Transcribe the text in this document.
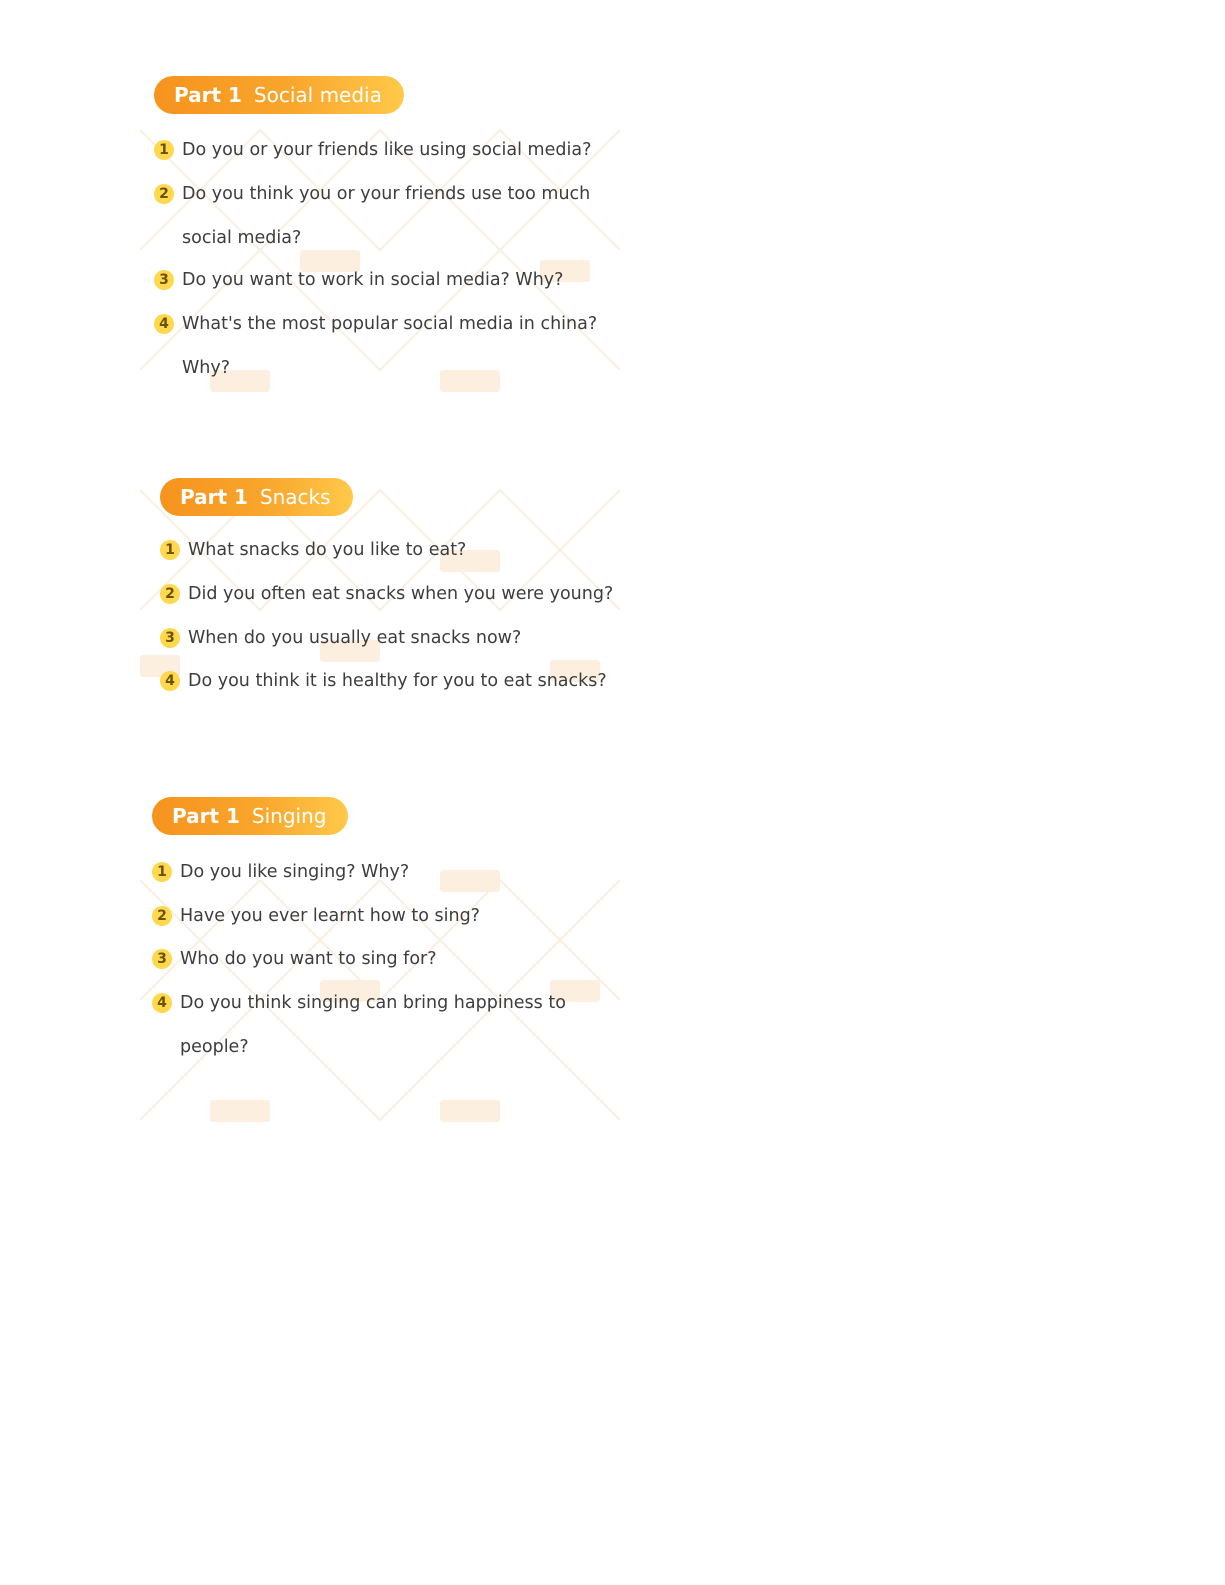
Part 1 Social media
1 Do you or your friends like using social media?
2 Do you think you or your friends use too much
social media?
3 Do you want to work in social media? Why?
4 What's the most popular social media in china?
Why?
Part 1 Snacks
1 What snacks do you like to eat?
2 Did you often eat snacks when you were young?
3 When do you usually eat snacks now?
4 Do you think it is healthy for you to eat snacks?
Part 1 Singing
1 Do you like singing? Why?
2 Have you ever learnt how to sing?
3 Who do you want to sing for?
4 Do you think singing can bring happiness to
people?
